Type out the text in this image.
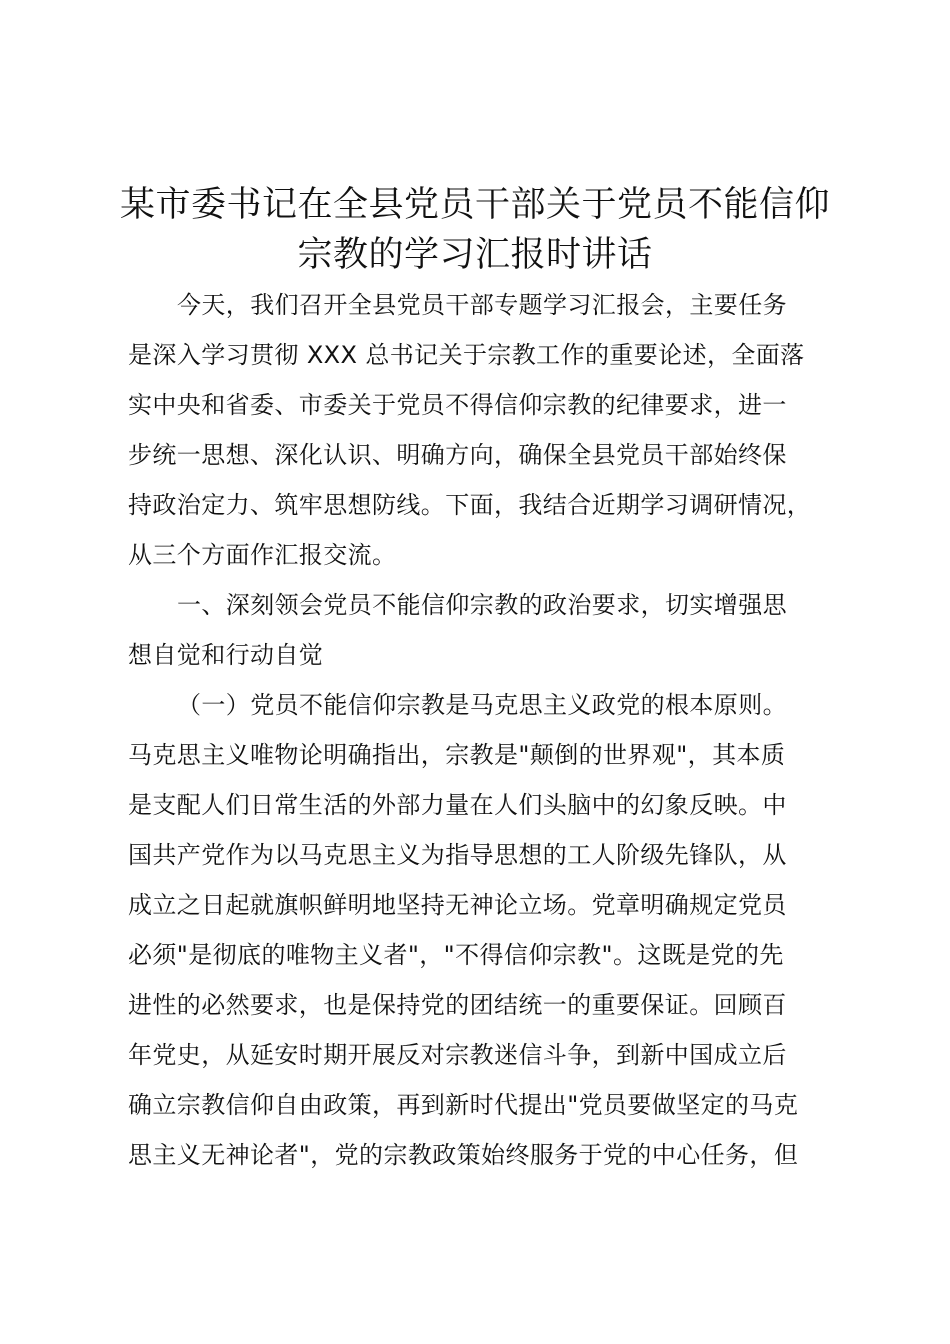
某市委书记在全县党员干部关于党员不能信仰
宗教的学习汇报时讲话
今天，我们召开全县党员干部专题学习汇报会，主要任务
是深入学习贯彻 XXX 总书记关于宗教工作的重要论述，全面落
实中央和省委、市委关于党员不得信仰宗教的纪律要求，进一
步统一思想、深化认识、明确方向，确保全县党员干部始终保
持政治定力、筑牢思想防线。下面，我结合近期学习调研情况，
从三个方面作汇报交流。
一、深刻领会党员不能信仰宗教的政治要求，切实增强思
想自觉和行动自觉
（一）党员不能信仰宗教是马克思主义政党的根本原则。
马克思主义唯物论明确指出，宗教是"颠倒的世界观"，其本质
是支配人们日常生活的外部力量在人们头脑中的幻象反映。中
国共产党作为以马克思主义为指导思想的工人阶级先锋队，从
成立之日起就旗帜鲜明地坚持无神论立场。党章明确规定党员
必须"是彻底的唯物主义者"，"不得信仰宗教"。这既是党的先
进性的必然要求，也是保持党的团结统一的重要保证。回顾百
年党史，从延安时期开展反对宗教迷信斗争，到新中国成立后
确立宗教信仰自由政策，再到新时代提出"党员要做坚定的马克
思主义无神论者"，党的宗教政策始终服务于党的中心任务，但
